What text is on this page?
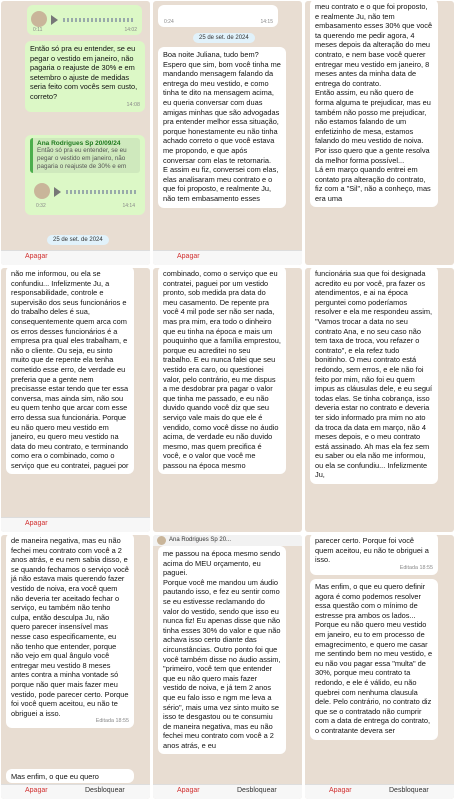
0:11	14:02
Então só pra eu entender, se eu pegar o vestido em janeiro, não pagaria o reajuste de 30% e em setembro o ajuste de medidas seria feito com vocês sem custo, correto?
14:08
Ana Rodrigues Sp 20/09/24
Então só pra eu entender, se eu pegar o vestido em janeiro, não pagaria o reajuste de 30% e em
0:32	14:14
25 de set. de 2024
Apagar
0:24	14:15
25 de set. de 2024
Boa noite Juliana, tudo bem?
Espero que sim, bom você tinha me mandando mensagem falando da entrega do meu vestido, e como tinha te dito na mensagem acima, eu queria conversar com duas amigas minhas que são advogadas pra entender melhor essa situação, porque honestamente eu não tinha achado correto o que você estava me propondo, e que após conversar com elas te retornaria.
E assim eu fiz, conversei com elas, elas analisaram meu contrato e o que foi proposto, e realmente Ju, não tem embasamento esses
Apagar
meu contrato e o que foi proposto, e realmente Ju, não tem embasamento esses 30% que você ta querendo me pedir agora, 4 meses depois da alteração do meu contrato, e nem base você querer entregar meu vestido em janeiro, 8 meses antes da minha data de entrega do contrato.
Então assim, eu não quero de forma alguma te prejudicar, mas eu também não posso me prejudicar, não estamos falando de um enfetizinho de mesa, estamos falando do meu vestido de noiva. Por isso quero que a gente resolva da melhor forma possível...
Lá em março quando entrei em contato pra alteração do contrato, fiz com a "Sil", não a conheço, mas era uma
não me informou, ou ela se confundiu... Infelizmente Ju, a responsabilidade, controle e supervisão dos seus funcionários e do trabalho deles é sua, consequentemente quem arca com os erros desses funcionários é a empresa pra qual eles trabalham, e não o cliente. Ou seja, eu sinto muito que de repente ela tenha cometido esse erro, de verdade eu preferia que a gente nem precisasse estar tendo que ter essa conversa, mas ainda sim, não sou eu quem tenho que arcar com esse erro dessa sua funcionária. Porque eu não quero meu vestido em janeiro, eu quero meu vestido na data do meu contrato, e terminando como era o combinado, como o serviço que eu contratei, paguei por
Apagar
combinado, como o serviço que eu contratei, paguei por um vestido pronto, sob medida pra data do meu casamento. De repente pra você 4 mil pode ser não ser nada, mas pra mim, era todo o dinheiro que eu tinha na época e mais um pouquinho que a família emprestou, porque eu acreditei no seu trabalho. E eu nunca falei que seu vestido era caro, ou questionei valor, pelo contrário, eu me dispus a me desdobrar pra pagar o valor que tinha me passado, e eu não duvido quando você diz que seu serviço vale mais do que ele é vendido, como você disse no áudio acima, de verdade eu não duvido mesmo, mas quem precifica é você, e o valor que você me passou na época mesmo
funcionária sua que foi designada acredito eu por você, pra fazer os atendimentos, e ai na época perguntei como poderíamos resolver e ela me respondeu assim, "Vamos trocar a data no seu contrato Ana, e no seu caso não tem taxa de troca, vou refazer o contrato", e ela refez tudo bonitinho. O meu contrato está redondo, sem erros, e ele não foi feito por mim, não foi eu quem impus as cláusulas dele, e eu seguí todas elas. Se tinha cobrança, isso deveria estar no contrato e deveria ter sido informado pra mim no ato da troca da data em março, não 4 meses depois, e o meu contrato está assinado. Ah mas ela fez sem eu saber ou ela não me informou, ou ela se confundiu... Infelizmente Ju,
de maneira negativa, mas eu não fechei meu contrato com você a 2 anos atrás, e eu nem sabia disso, e se quando fechamos o serviço você já não estava mais querendo fazer vestido de noiva, era você quem não deveria ter aceitado fechar o serviço, eu também não tenho culpa, então desculpa Ju, não quero parecer insensível mas nesse caso especificamente, eu não tenho que entender, porque não vejo em qual ângulo você entregar meu vestido 8 meses antes contra a minha vontade só porque não quer mais fazer meu vestido, pode parecer certo. Porque foi você quem aceitou, eu não te obriguei a isso.
Editada 18:55
Mas enfim, o que eu quero
Apagar	Desbloquear
Ana Rodrigues Sp 20...
me passou na época mesmo sendo acima do MEU orçamento, eu paguei.
Porque você me mandou um áudio pautando isso, e fez eu sentir como se eu estivesse reclamando do valor do vestido, sendo que isso eu nunca fiz! Eu apenas disse que não tinha esses 30% do valor e que não achava isso certo diante das circunstâncias. Outro ponto foi que você também disse no áudio assim, "primeiro, você tem que entender que eu não quero mais fazer vestido de noiva, e já tem 2 anos que eu falo isso e ngm me leva a sério", mais uma vez sinto muito se isso te desgastou ou te consumiu de maneira negativa, mas eu não fechei meu contrato com você a 2 anos atrás, e eu
Apagar	Desbloquear
parecer certo. Porque foi você quem aceitou, eu não te obriguei a isso.
Editada 18:55
Mas enfim, o que eu quero definir agora é como podemos resolver essa questão com o mínimo de estresse pra ambos os lados...
Porque eu não quero meu vestido em janeiro, eu to em processo de emagrecimento, e quero me casar me sentindo bem no meu vestido, e eu não vou pagar essa "multa" de 30%, porque meu contrato ta redondo, e ele é válido, eu não quebrei com nenhuma clausula dele. Pelo contrário, no contrato diz que se o contratado não cumprir com a data de entrega do contrato, o contratante devera ser
Apagar	Desbloquear
